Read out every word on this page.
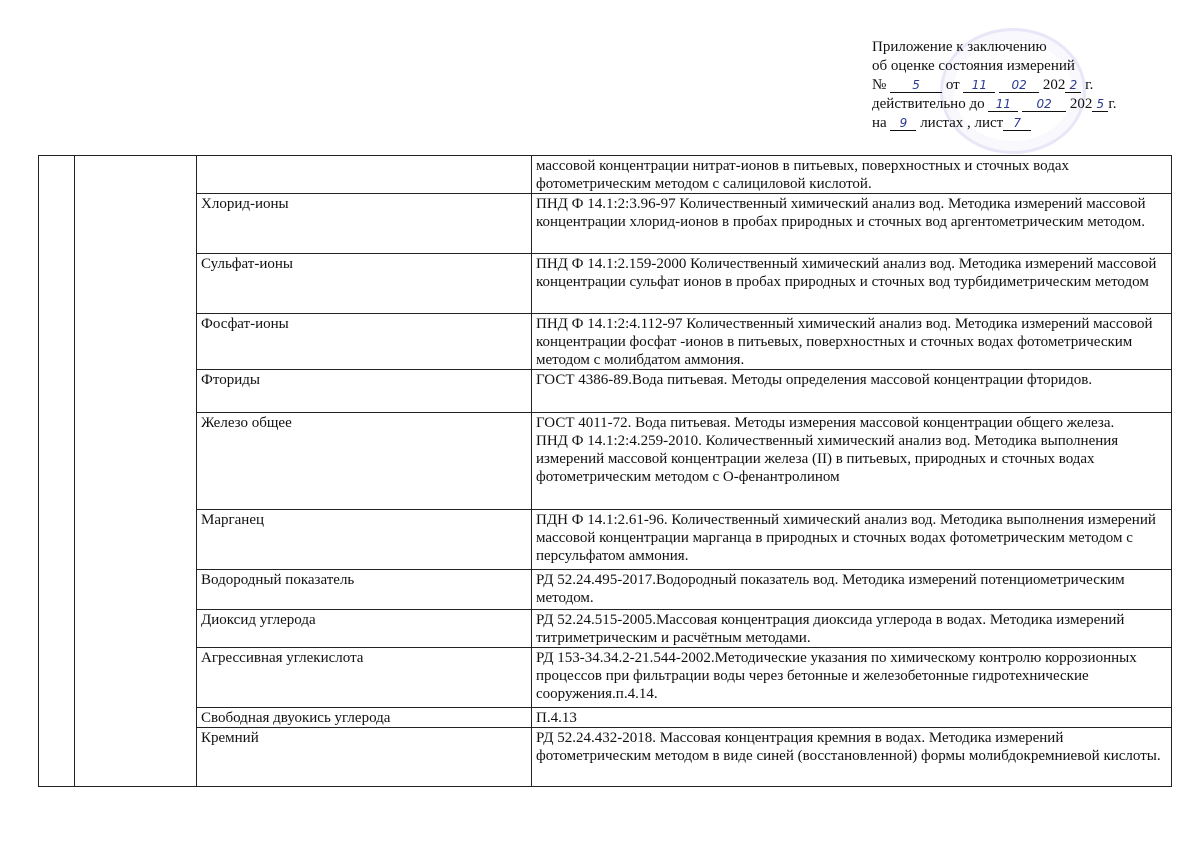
Приложение к заключению
об оценке состояния измерений
№ 5 от 11 02 202 2 г.
действительно до 11 02 202 5 г.
на 9 листах , лист 7
			массовой концентрации нитрат-ионов в питьевых, поверхностных и сточных водах фотометрическим методом с салициловой кислотой.
		Хлорид-ионы	ПНД Ф 14.1:2:3.96-97 Количественный химический анализ вод. Методика измерений массовой концентрации хлорид-ионов в пробах природных и сточных вод аргентометрическим методом.
		Сульфат-ионы	ПНД Ф 14.1:2.159-2000 Количественный химический анализ вод. Методика измерений массовой концентрации сульфат ионов в пробах природных и сточных вод турбидиметрическим методом
		Фосфат-ионы	ПНД Ф 14.1:2:4.112-97 Количественный химический анализ вод. Методика измерений массовой концентрации фосфат -ионов в питьевых, поверхностных и сточных водах фотометрическим методом с молибдатом аммония.
		Фториды	ГОСТ 4386-89.Вода питьевая. Методы определения массовой концентрации фторидов.
		Железо общее	ГОСТ 4011-72. Вода питьевая. Методы измерения массовой концентрации общего железа.
ПНД Ф 14.1:2:4.259-2010. Количественный химический анализ вод. Методика выполнения измерений массовой концентрации железа (II) в питьевых, природных и сточных водах фотометрическим методом с О-фенантролином
		Марганец	ПДН Ф 14.1:2.61-96. Количественный химический анализ вод. Методика выполнения измерений массовой концентрации марганца в природных и сточных водах фотометрическим методом с персульфатом аммония.
		Водородный показатель	РД 52.24.495-2017.Водородный показатель вод. Методика измерений потенциометрическим методом.
		Диоксид углерода	РД 52.24.515-2005.Массовая концентрация диоксида углерода в водах. Методика измерений титриметрическим и расчётным методами.
		Агрессивная углекислота	РД 153-34.34.2-21.544-2002.Методические указания по химическому контролю коррозионных процессов при фильтрации воды через бетонные и железобетонные гидротехнические сооружения.п.4.14.
		Свободная двуокись углерода	П.4.13
		Кремний	РД 52.24.432-2018. Массовая концентрация кремния в водах. Методика измерений фотометрическим методом в виде синей (восстановленной) формы молибдокремниевой кислоты.
